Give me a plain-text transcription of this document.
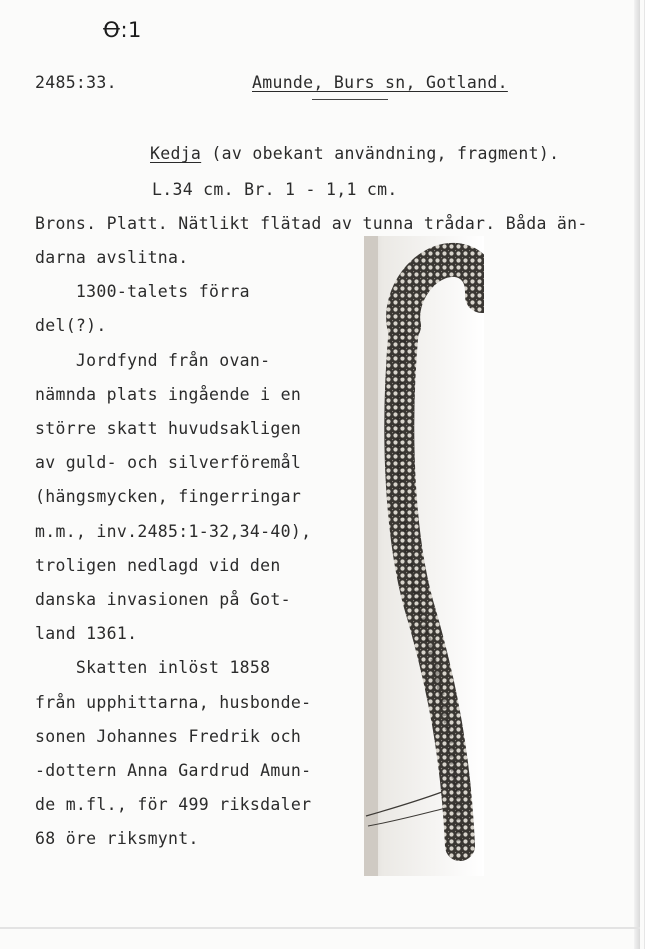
Ꝋ:1
2485:33.	Amunde, Burs sn, Gotland.
Kedja (av obekant användning, fragment).
L.34 cm. Br. 1 - 1,1 cm.
Brons. Platt. Nätlikt flätad av tunna trådar. Båda än-
darna avslitna.
1300-talets förra
del(?).
Jordfynd från ovan-
nämnda plats ingående i en
större skatt huvudsakligen
av guld- och silverföremål
(hängsmycken, fingerringar
m.m., inv.2485:1-32,34-40),
troligen nedlagd vid den
danska invasionen på Got-
land 1361.
Skatten inlöst 1858
från upphittarna, husbonde-
sonen Johannes Fredrik och
-dottern Anna Gardrud Amun-
de m.fl., för 499 riksdaler
68 öre riksmynt.
